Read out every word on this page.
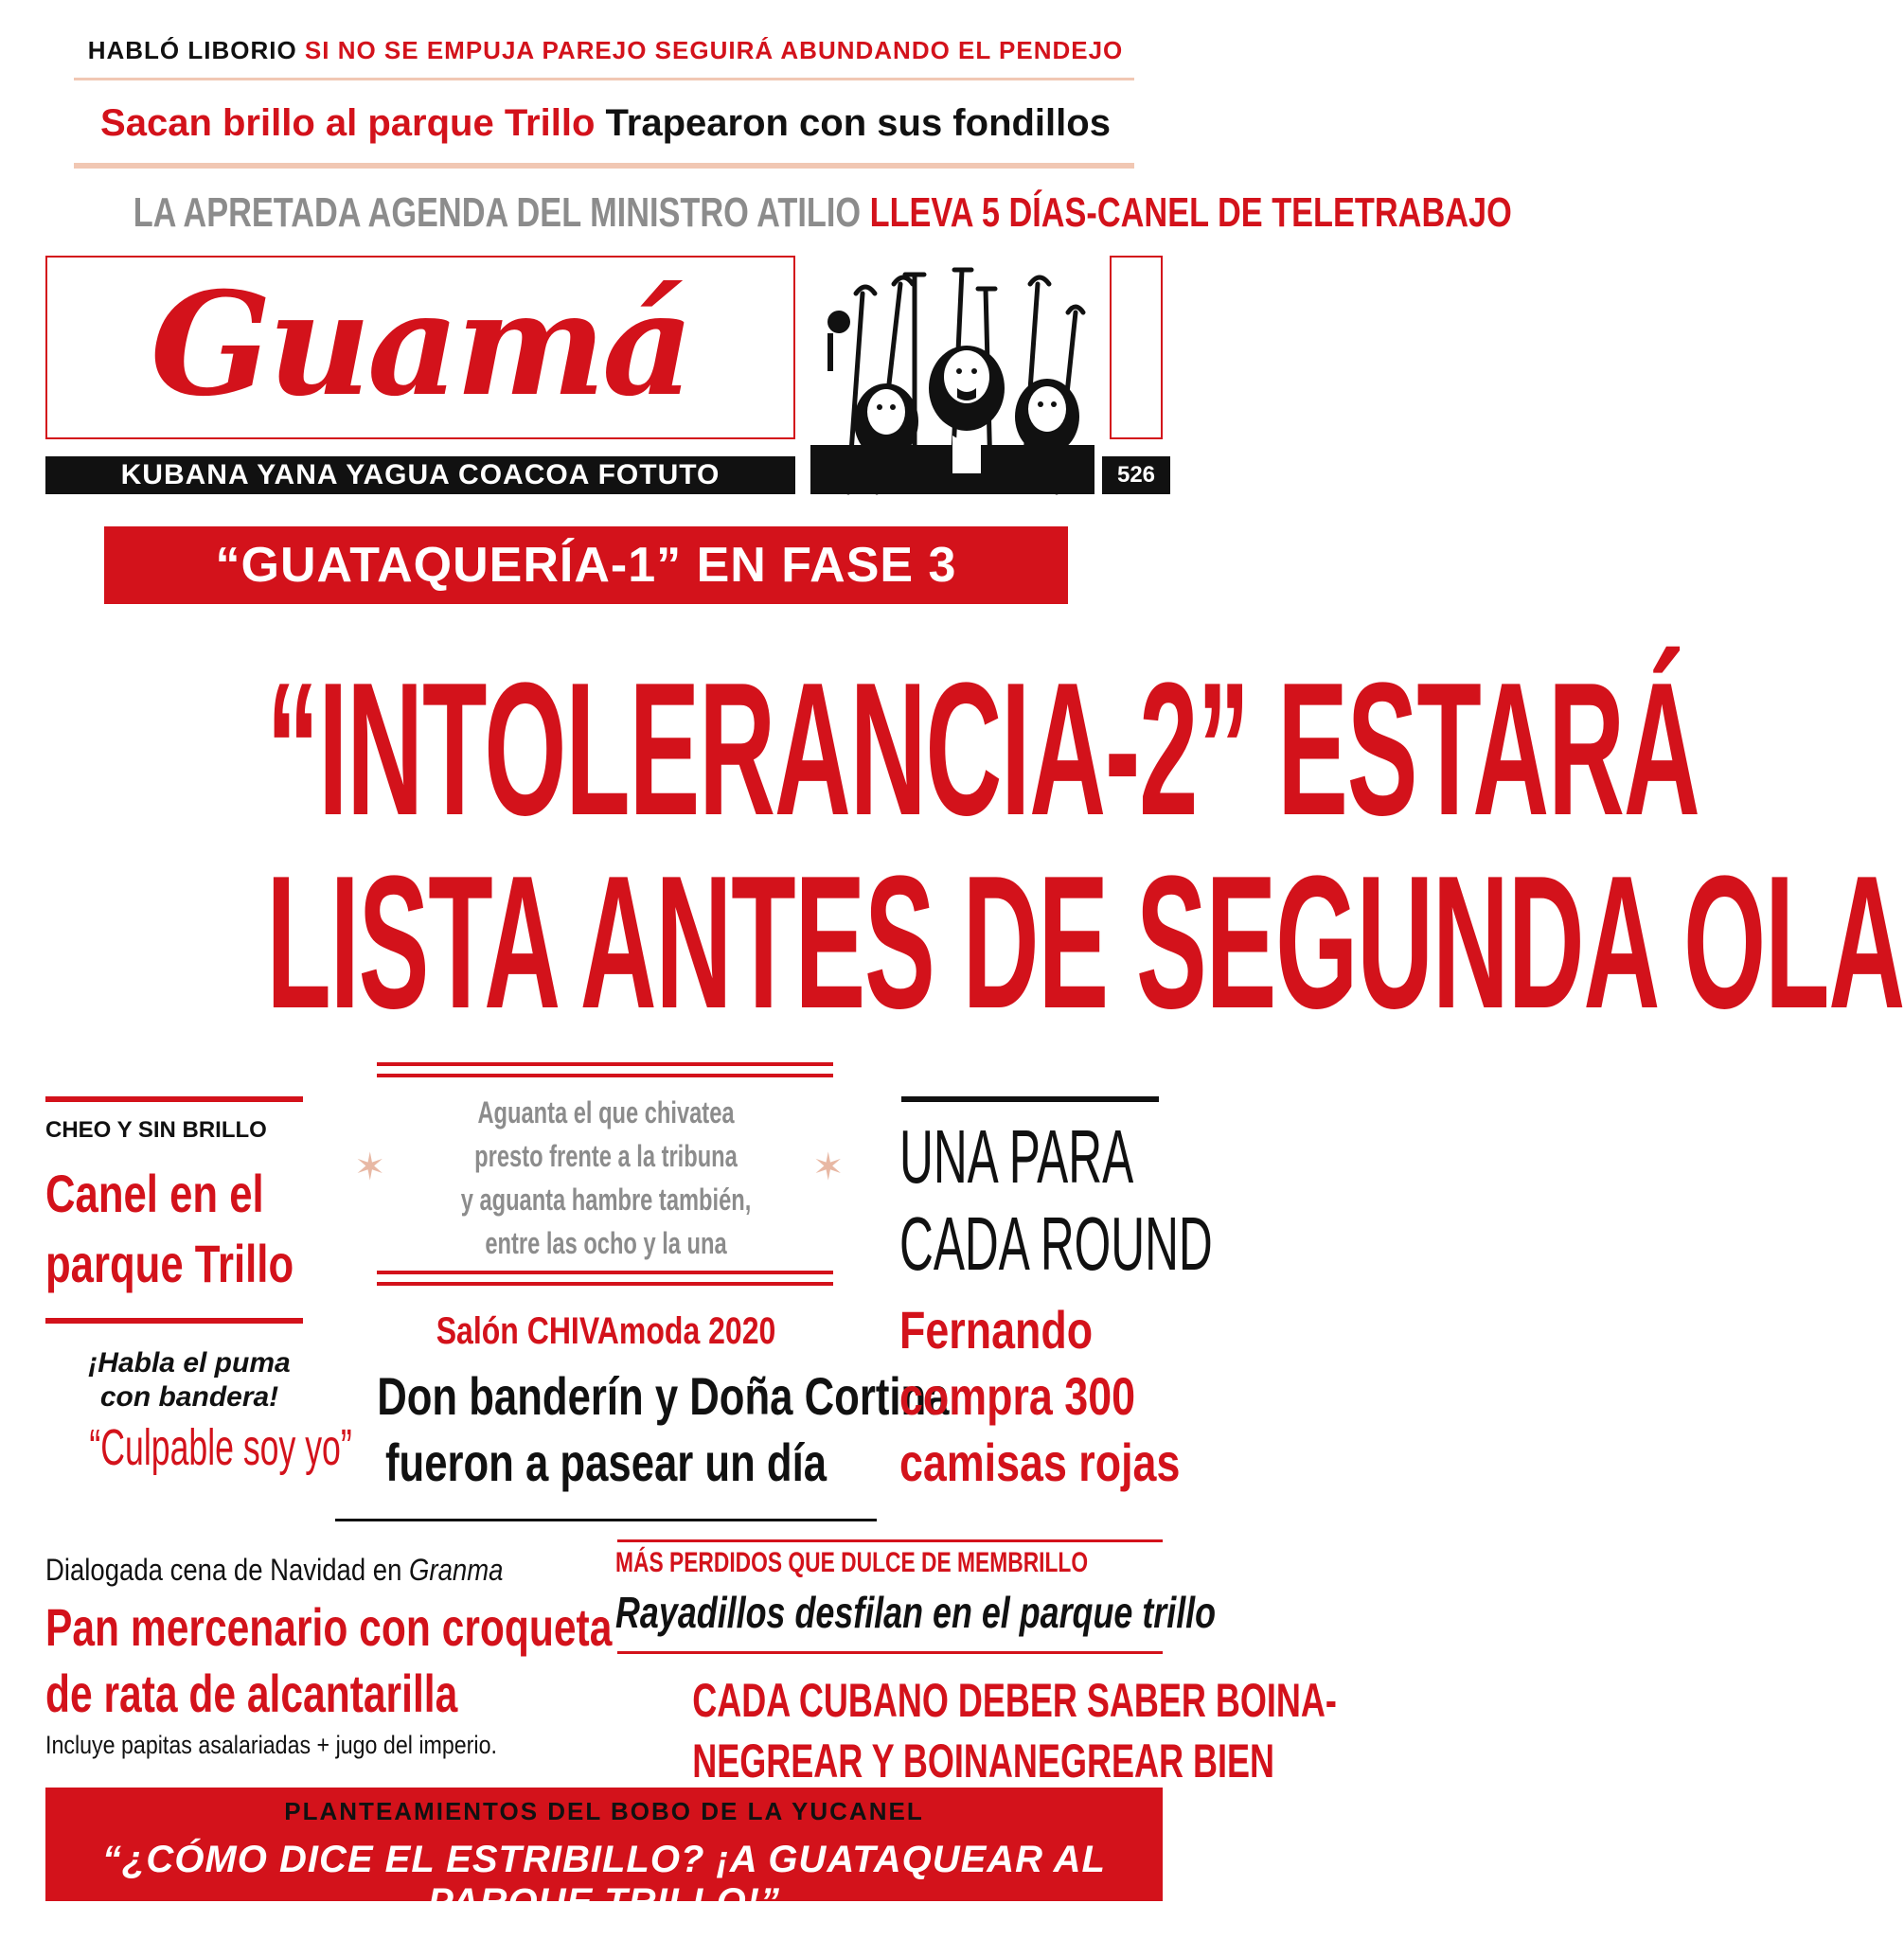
HABLÓ LIBORIO SI NO SE EMPUJA PAREJO SEGUIRÁ ABUNDANDO EL PENDEJO
Sacan brillo al parque Trillo Trapearon con sus fondillos
LA APRETADA AGENDA DEL MINISTRO ATILIO LLEVA 5 DÍAS-CANEL DE TELETRABAJO
Guamá
KUBANA YANA YAGUA COACOA FOTUTO	526
“GUATAQUERÍA-1” EN FASE 3
“INTOLERANCIA-2” ESTARÁ
LISTA ANTES DE SEGUNDA OLA
CHEO Y SIN BRILLO
Canel en el
parque Trillo
¡Habla el puma
con bandera!
“Culpable soy yo”
✶
Aguanta el que chivatea
presto frente a la tribuna
y aguanta hambre también,
entre las ocho y la una
✶
Salón CHIVAmoda 2020
Don banderín y Doña Cortina
fueron a pasear un día
UNA PARA
CADA ROUND
Fernando
compra 300
camisas rojas
Dialogada cena de Navidad en Granma
Pan mercenario con croqueta
de rata de alcantarilla
Incluye papitas asalariadas + jugo del imperio.
MÁS PERDIDOS QUE DULCE DE MEMBRILLO
Rayadillos desfilan en el parque trillo
CADA CUBANO DEBER SABER BOINA-
NEGREAR Y BOINANEGREAR BIEN
PLANTEAMIENTOS DEL BOBO DE LA YUCANEL
“¿CÓMO DICE EL ESTRIBILLO? ¡A GUATAQUEAR AL PARQUE TRILLO!”
